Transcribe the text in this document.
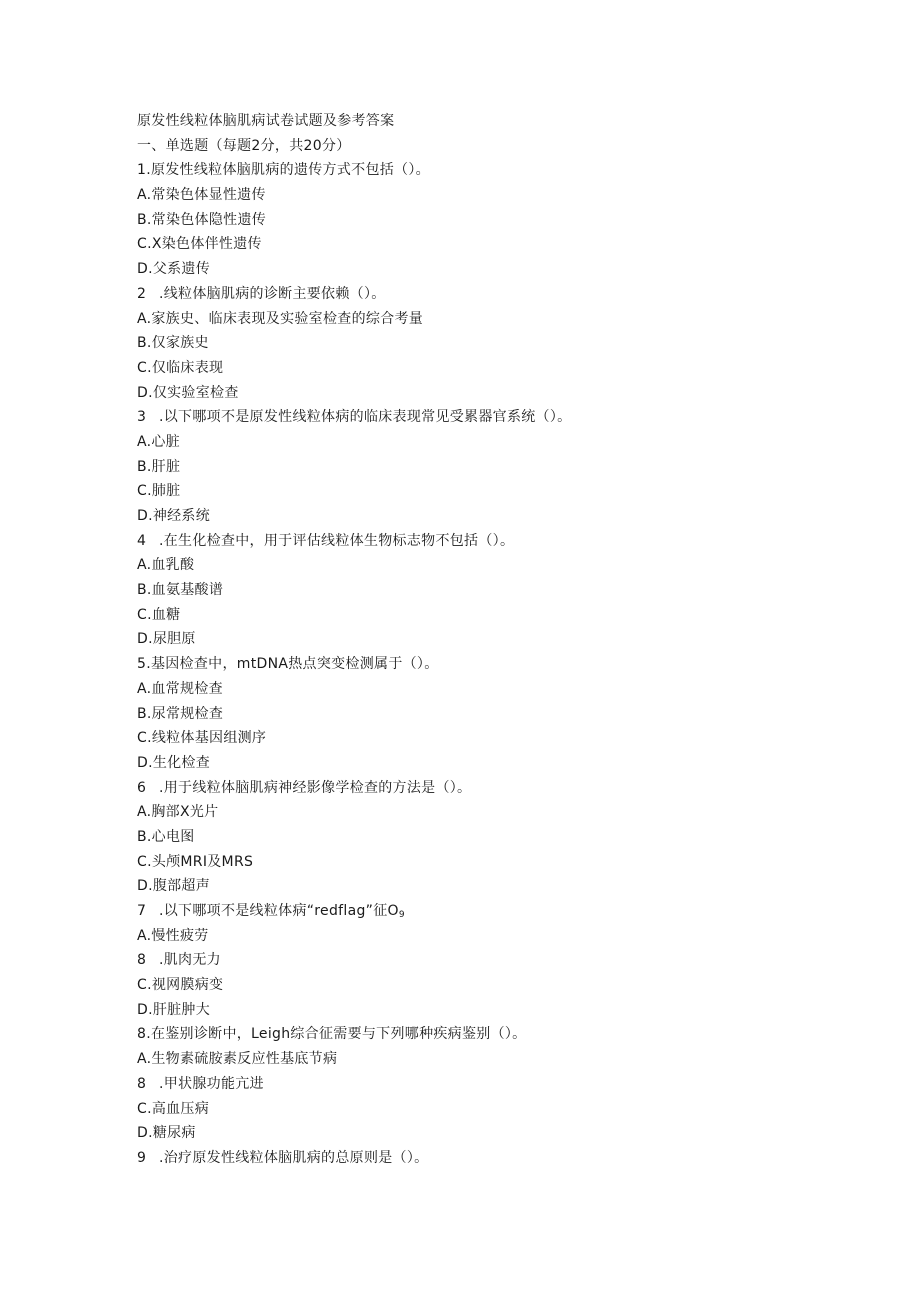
原发性线粒体脑肌病试卷试题及参考答案
一、单选题（每题2分，共20分）
1.原发性线粒体脑肌病的遗传方式不包括（）。
A.常染色体显性遗传
B.常染色体隐性遗传
C.X染色体伴性遗传
D.父系遗传
2 .线粒体脑肌病的诊断主要依赖（）。
A.家族史、临床表现及实验室检查的综合考量
B.仅家族史
C.仅临床表现
D.仅实验室检查
3 .以下哪项不是原发性线粒体病的临床表现常见受累器官系统（）。
A.心脏
B.肝脏
C.肺脏
D.神经系统
4 .在生化检查中，用于评估线粒体生物标志物不包括（）。
A.血乳酸
B.血氨基酸谱
C.血糖
D.尿胆原
5.基因检查中，mtDNA热点突变检测属于（）。
A.血常规检查
B.尿常规检查
C.线粒体基因组测序
D.生化检查
6 .用于线粒体脑肌病神经影像学检查的方法是（）。
A.胸部X光片
B.心电图
C.头颅MRI及MRS
D.腹部超声
7 .以下哪项不是线粒体病“redflag”征$O_9$
A.慢性疲劳
8 .肌肉无力
C.视网膜病变
D.肝脏肿大
8.在鉴别诊断中，Leigh综合征需要与下列哪种疾病鉴别（）。
A.生物素硫胺素反应性基底节病
8 .甲状腺功能亢进
C.高血压病
D.糖尿病
9 .治疗原发性线粒体脑肌病的总原则是（）。
